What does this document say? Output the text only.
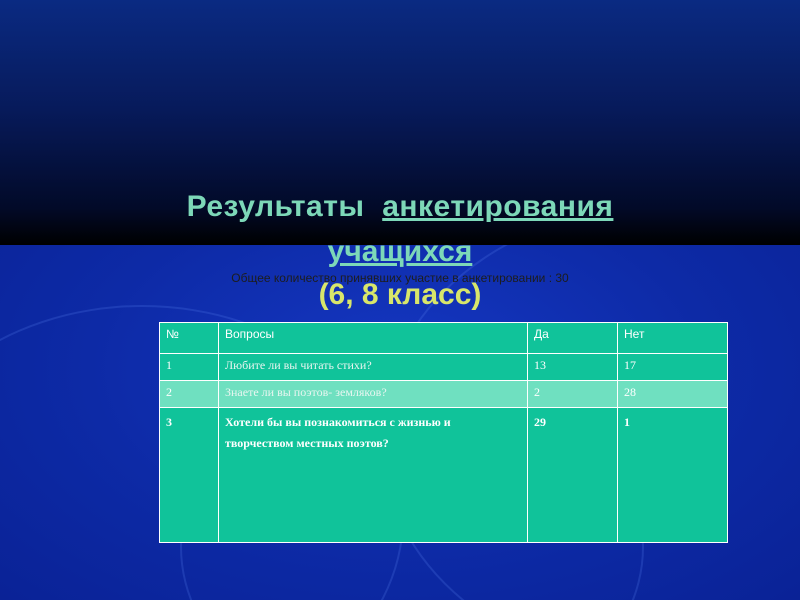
Результаты анкетирования
учащихся
Общее количество принявших участие в анкетировании : 30
(6, 8 класс)
№	Вопросы	Да	Нет
1	Любите ли вы читать стихи?	13	17
2	Знаете ли вы поэтов- земляков?	2	28
3	Хотели бы вы познакомиться с жизнью и творчеством местных поэтов?	29	1
